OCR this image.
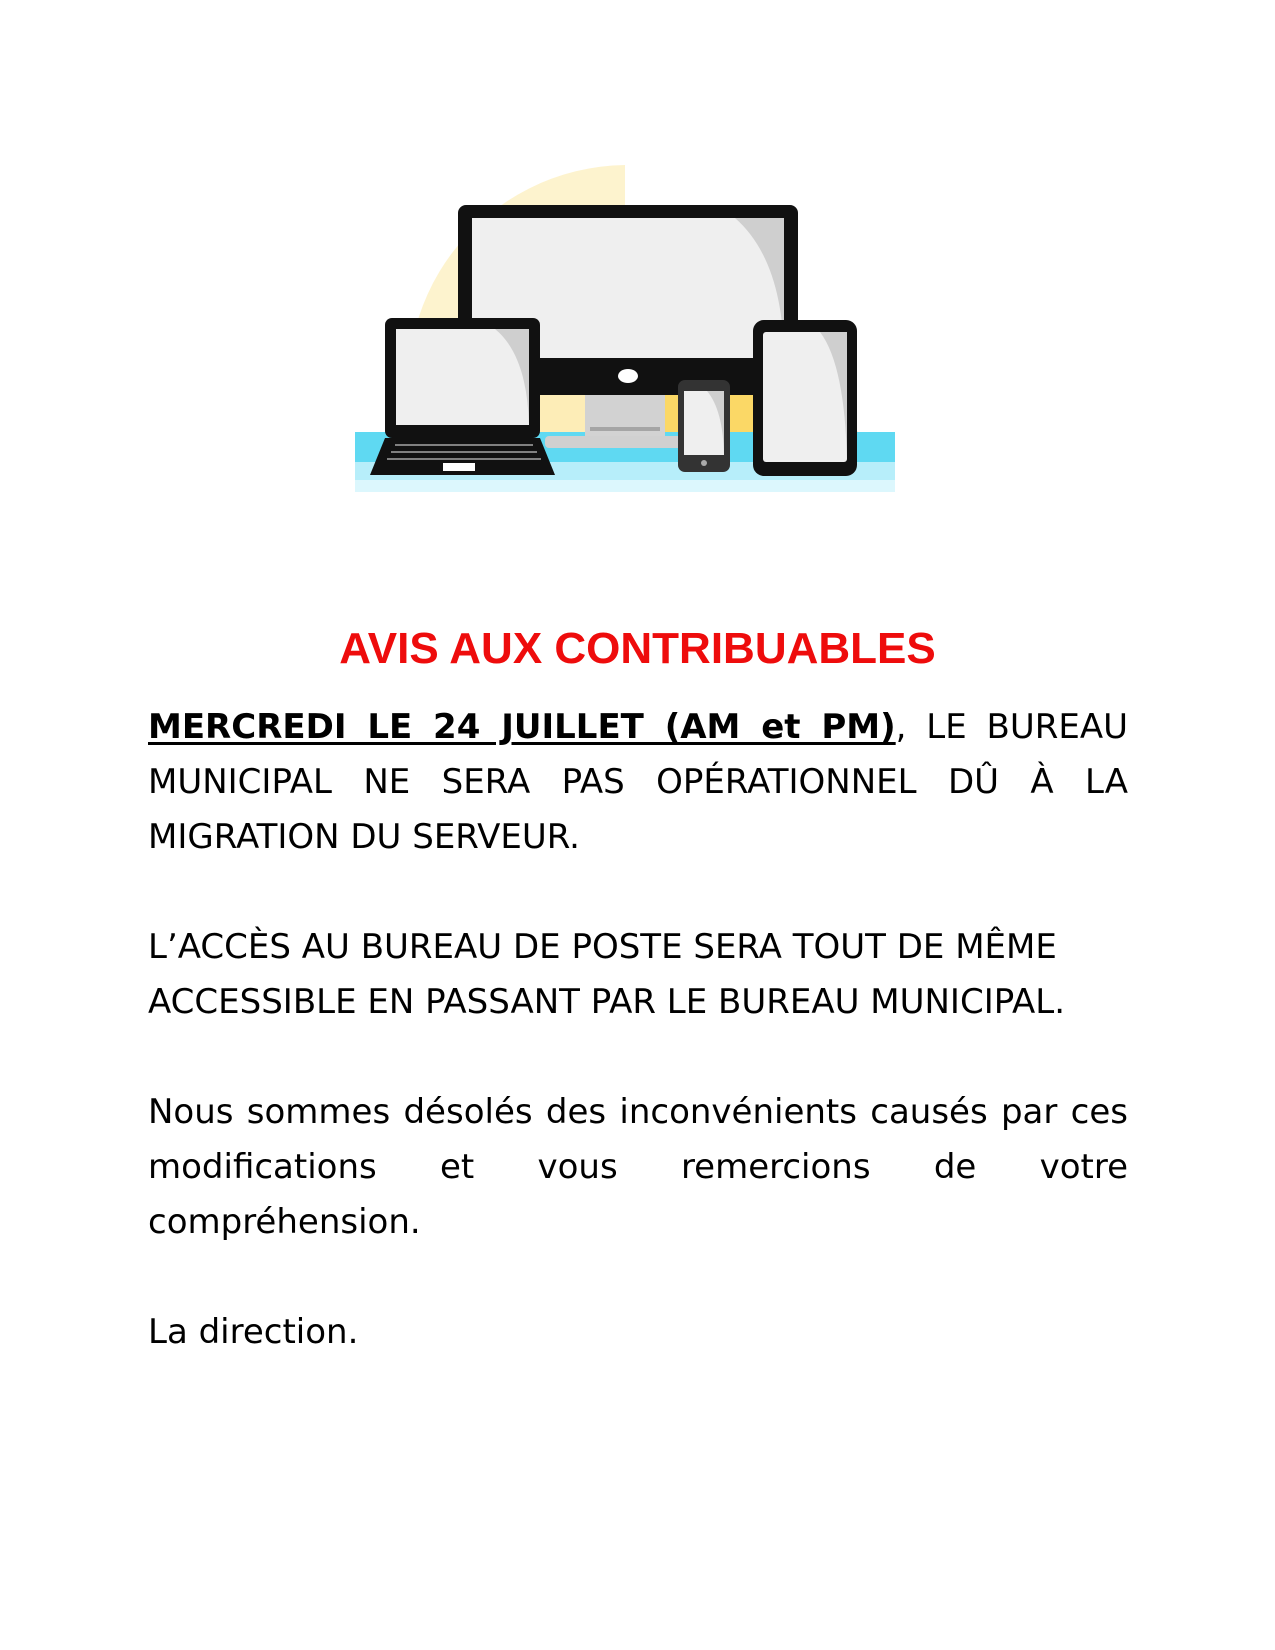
AVIS AUX CONTRIBUABLES

MERCREDI LE 24 JUILLET (AM et PM), LE BUREAU MUNICIPAL NE SERA PAS OPÉRATIONNEL DÛ À LA MIGRATION DU SERVEUR.

L’ACCÈS AU BUREAU DE POSTE SERA TOUT DE MÊME ACCESSIBLE EN PASSANT PAR LE BUREAU MUNICIPAL.

Nous sommes désolés des inconvénients causés par ces modifications et vous remercions de votre compréhension.

La direction.
